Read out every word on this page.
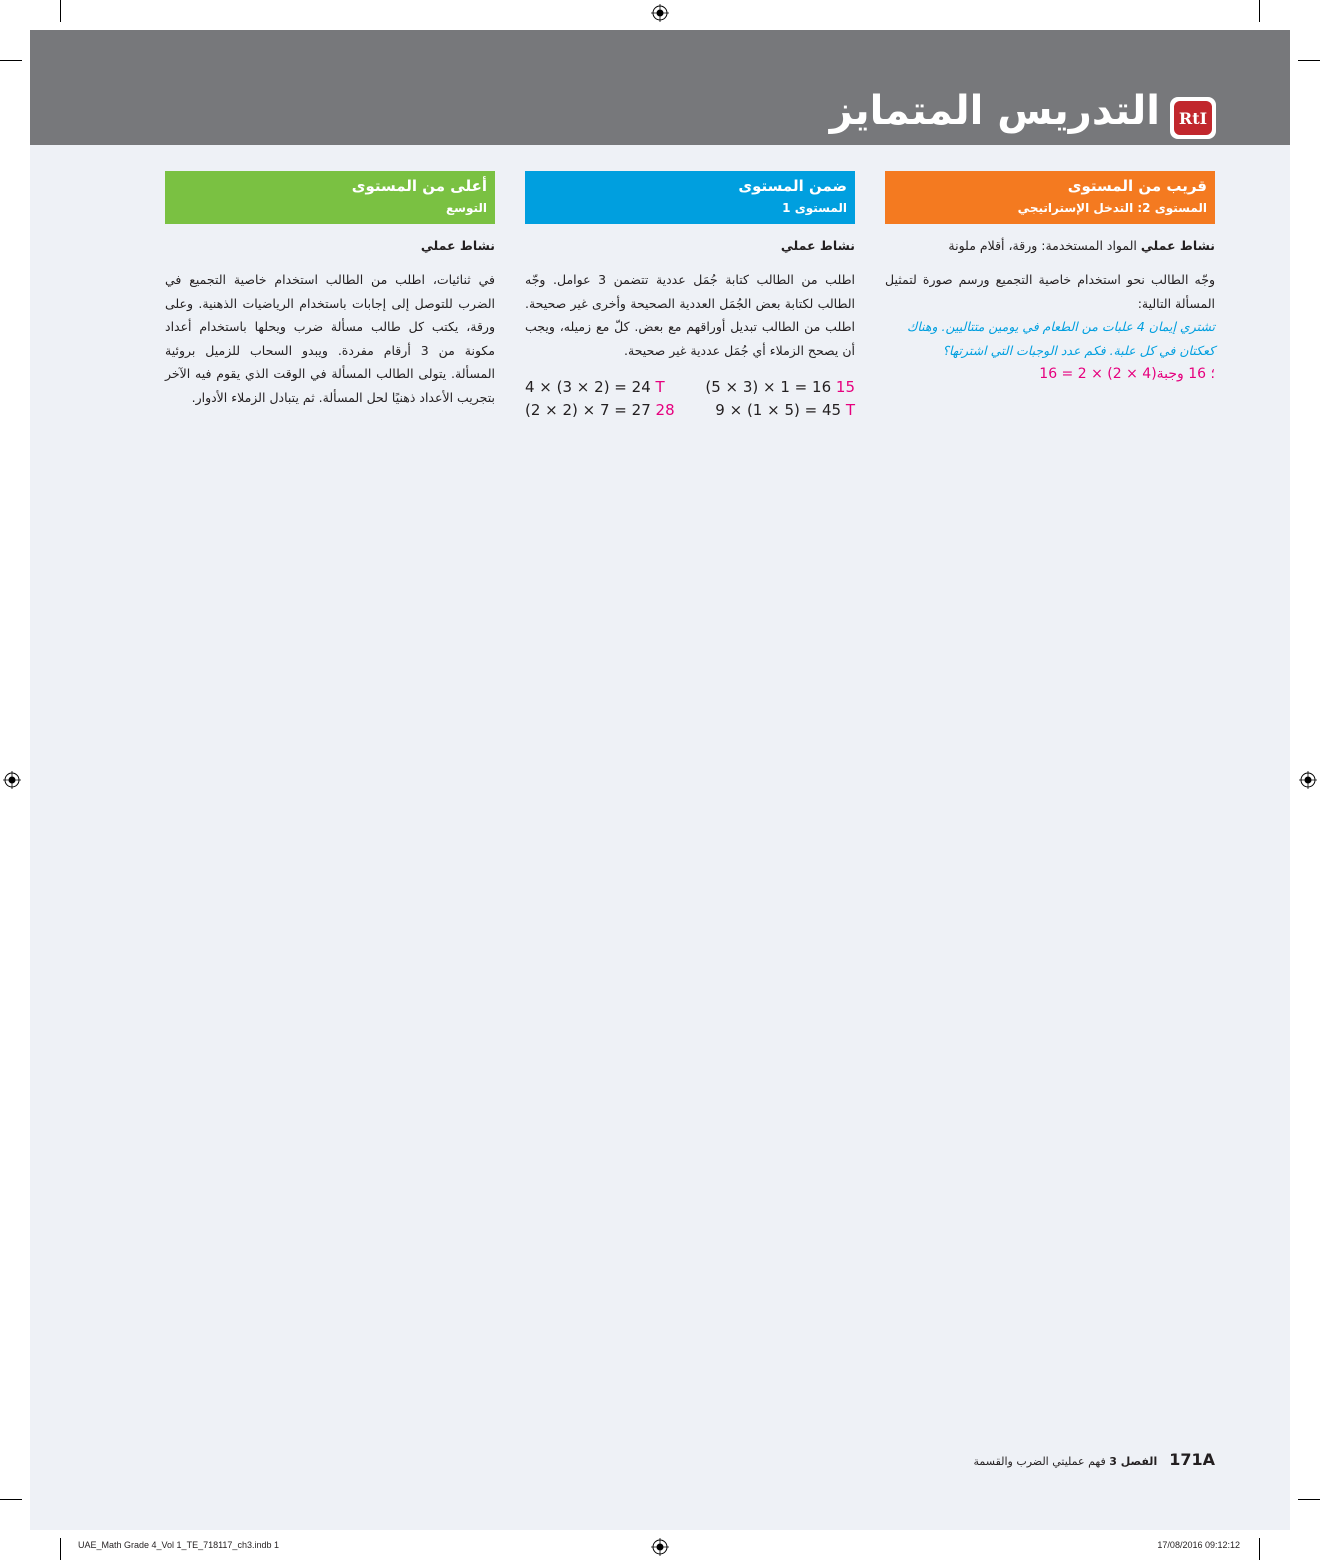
التدريس المتمايز	RtI
قريب من المستوى
المستوى 2: التدخل الإستراتيجي
نشاط عملي المواد المستخدمة: ورقة، أقلام ملونة
وجّه الطالب نحو استخدام خاصية التجميع ورسم صورة لتمثيل المسألة التالية:
تشتري إيمان 4 علبات من الطعام في يومين متتاليين. وهناك كعكتان في كل علبة. فكم عدد الوجبات التي اشترتها؟
16 = 2 × (2 × 4)؛ 16 وجبة
ضمن المستوى
المستوى 1
نشاط عملي
اطلب من الطالب كتابة جُمَل عددية تتضمن 3 عوامل. وجّه الطالب لكتابة بعض الجُمَل العددية الصحيحة وأخرى غير صحيحة. اطلب من الطالب تبديل أوراقهم مع بعض. كلّ مع زميله، ويجب أن يصحح الزملاء أي جُمَل عددية غير صحيحة.
4 × (3 × 2) = 24 T	(5 × 3) × 1 = 16 15
(2 × 2) × 7 = 27 28	9 × (1 × 5) = 45 T
أعلى من المستوى
التوسع
نشاط عملي
في ثنائيات، اطلب من الطالب استخدام خاصية التجميع في الضرب للتوصل إلى إجابات باستخدام الرياضيات الذهنية. وعلى ورقة، يكتب كل طالب مسألة ضرب ويحلها باستخدام أعداد مكونة من 3 أرقام مفردة. ويبدو السحاب للزميل بروئية المسألة. يتولى الطالب المسألة في الوقت الذي يقوم فيه الآخر بتجريب الأعداد ذهنيًا لحل المسألة. ثم يتبادل الزملاء الأدوار.
171A
الفصل 3 فهم عمليتي الضرب والقسمة
UAE_Math Grade 4_Vol 1_TE_718117_ch3.indb 1	17/08/2016 09:12:12
